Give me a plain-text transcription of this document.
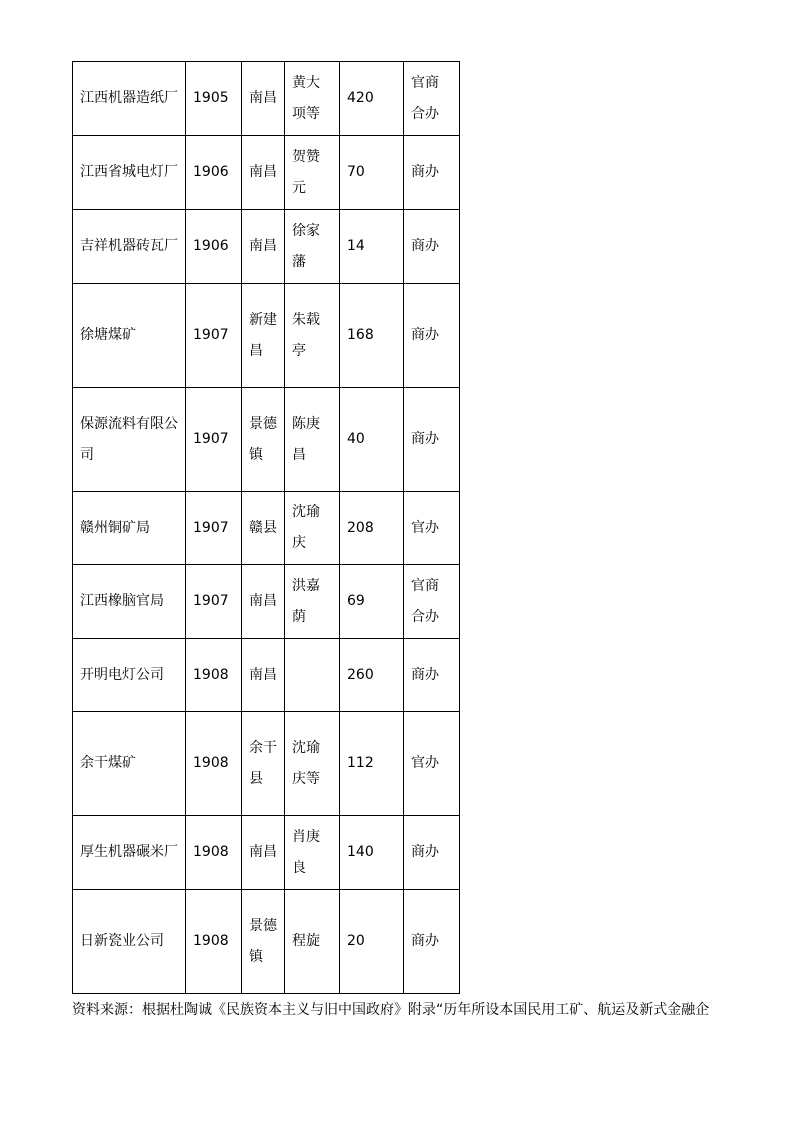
江西机器造纸厂	1905	南昌	黄大项等	420	官商合办
江西省城电灯厂	1906	南昌	贺赞元	70	商办
吉祥机器砖瓦厂	1906	南昌	徐家藩	14	商办
徐塘煤矿	1907	新建昌	朱载亭	168	商办
保源流料有限公司	1907	景德镇	陈庚昌	40	商办
赣州铜矿局	1907	赣县	沈瑜庆	208	官办
江西橡脑官局	1907	南昌	洪嘉荫	69	官商合办
开明电灯公司	1908	南昌		260	商办
余干煤矿	1908	余干县	沈瑜庆等	112	官办
厚生机器碾米厂	1908	南昌	肖庚良	140	商办
日新瓷业公司	1908	景德镇	程旋	20	商办
资料来源：根据杜陶诚《民族资本主义与旧中国政府》附录“历年所设本国民用工矿、航运及新式金融企
